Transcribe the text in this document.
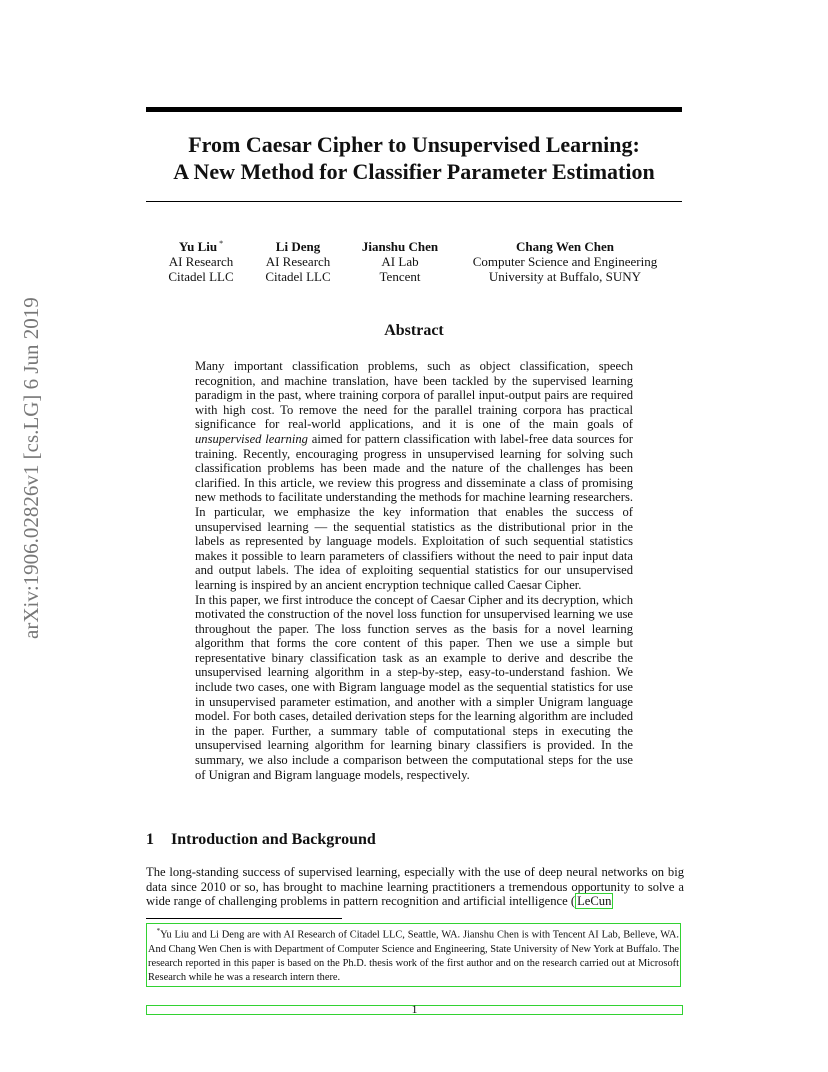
arXiv:1906.02826v1 [cs.LG] 6 Jun 2019
From Caesar Cipher to Unsupervised Learning:
A New Method for Classifier Parameter Estimation
Yu Liu *
AI Research
Citadel LLC
Li Deng
AI Research
Citadel LLC
Jianshu Chen
AI Lab
Tencent
Chang Wen Chen
Computer Science and Engineering
University at Buffalo, SUNY
Abstract

Many important classification problems, such as object classification, speech recognition, and machine translation, have been tackled by the supervised learning paradigm in the past, where training corpora of parallel input-output pairs are required with high cost. To remove the need for the parallel training corpora has practical significance for real-world applications, and it is one of the main goals of unsupervised learning aimed for pattern classification with label-free data sources for training. Recently, encouraging progress in unsupervised learning for solving such classification problems has been made and the nature of the challenges has been clarified. In this article, we review this progress and disseminate a class of promising new methods to facilitate understanding the methods for machine learning researchers. In particular, we emphasize the key information that enables the success of unsupervised learning — the sequential statistics as the distributional prior in the labels as represented by language models. Exploitation of such sequential statistics makes it possible to learn parameters of classifiers without the need to pair input data and output labels. The idea of exploiting sequential statistics for our unsupervised learning is inspired by an ancient encryption technique called Caesar Cipher.

In this paper, we first introduce the concept of Caesar Cipher and its decryption, which motivated the construction of the novel loss function for unsupervised learning we use throughout the paper. The loss function serves as the basis for a novel learning algorithm that forms the core content of this paper. Then we use a simple but representative binary classification task as an example to derive and describe the unsupervised learning algorithm in a step-by-step, easy-to-understand fashion. We include two cases, one with Bigram language model as the sequential statistics for use in unsupervised parameter estimation, and another with a simpler Unigram language model. For both cases, detailed derivation steps for the learning algorithm are included in the paper. Further, a summary table of computational steps in executing the unsupervised learning algorithm for learning binary classifiers is provided. In the summary, we also include a comparison between the computational steps for the use of Unigran and Bigram language models, respectively.

1 Introduction and Background
The long-standing success of supervised learning, especially with the use of deep neural networks on big data since 2010 or so, has brought to machine learning practitioners a tremendous opportunity to solve a wide range of challenging problems in pattern recognition and artificial intelligence ( LeCun
*Yu Liu and Li Deng are with AI Research of Citadel LLC, Seattle, WA. Jianshu Chen is with Tencent AI Lab, Belleve, WA. And Chang Wen Chen is with Department of Computer Science and Engineering, State University of New York at Buffalo. The research reported in this paper is based on the Ph.D. thesis work of the first author and on the research carried out at Microsoft Research while he was a research intern there.
1
